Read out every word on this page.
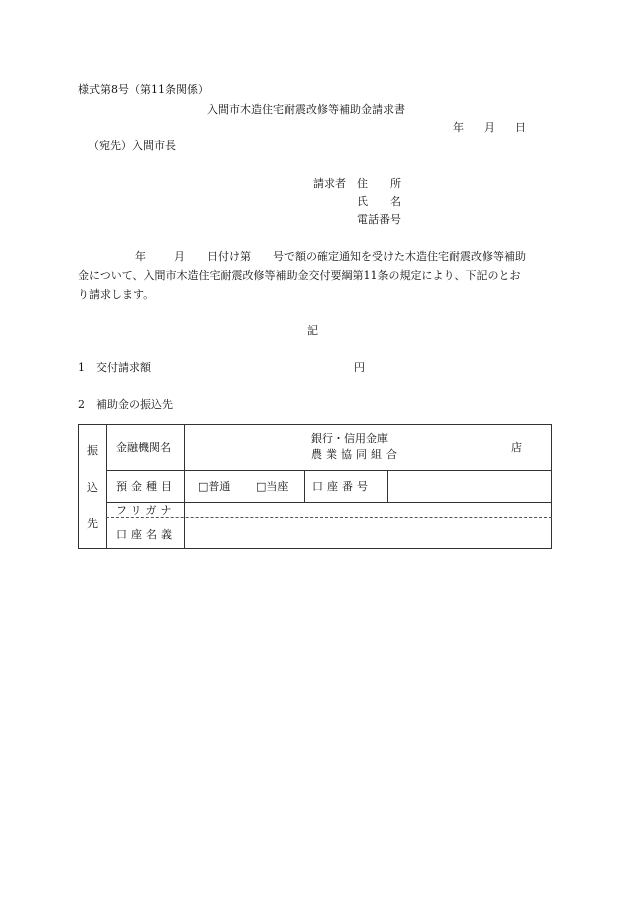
様式第8号（第11条関係）
入間市木造住宅耐震改修等補助金請求書
年 月 日
（宛先）入間市長
請求者 住　　所
氏　　名
電話番号
年	月 日付け第　　号で額の確定通知を受けた木造住宅耐震改修等補助
金について、入間市木造住宅耐震改修等補助金交付要綱第11条の規定により、下記のとお
り請求します。
記
1　交付請求額	円
2　補助金の振込先
振
込
先
金融機関名
銀行・信用金庫
農業協同組合
店
預金種目 □普通 □当座 口座番号
フリガナ
口座名義
